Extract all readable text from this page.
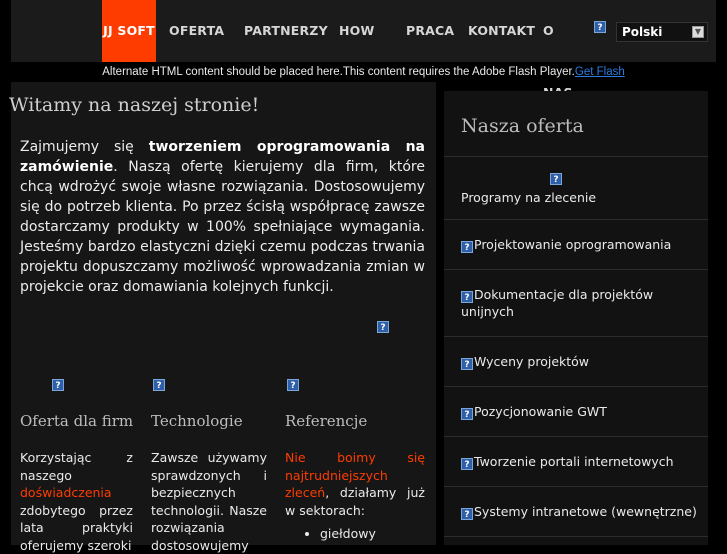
JJ SOFT OFERTA PARTNERZY HOW	PRACA KONTAKT O	? Polski	▼
Alternate HTML content should be placed here.This content requires the Adobe Flash Player.Get Flash
Witamy na naszej stronie!
Zajmujemy się tworzeniem oprogramowania na zamówienie. Naszą ofertę kierujemy dla firm, które chcą wdrożyć swoje własne rozwiązania. Dostosowujemy się do potrzeb klienta. Po przez ścisłą współpracę zawsze dostarczamy produkty w 100% spełniające wymagania. Jesteśmy bardzo elastyczni dzięki czemu podczas trwania projektu dopuszczamy możliwość wprowadzania zmian w projekcie oraz domawiania kolejnych funkcji.
?
?
Oferta dla firm
Korzystając z naszego doświadczenia zdobytego przez lata praktyki oferujemy szeroki
?
Technologie
Zawsze używamy sprawdzonych i bezpiecznych technologii. Nasze rozwiązania dostosowujemy
?
Referencje
Nie boimy się najtrudniejszych zleceń, działamy już w sektorach:
• giełdowy
Nasza oferta
?
Programy na zlecenie
? Projektowanie oprogramowania
? Dokumentacje dla projektów unijnych
? Wyceny projektów
? Pozycjonowanie GWT
? Tworzenie portali internetowych
? Systemy intranetowe (wewnętrzne)
